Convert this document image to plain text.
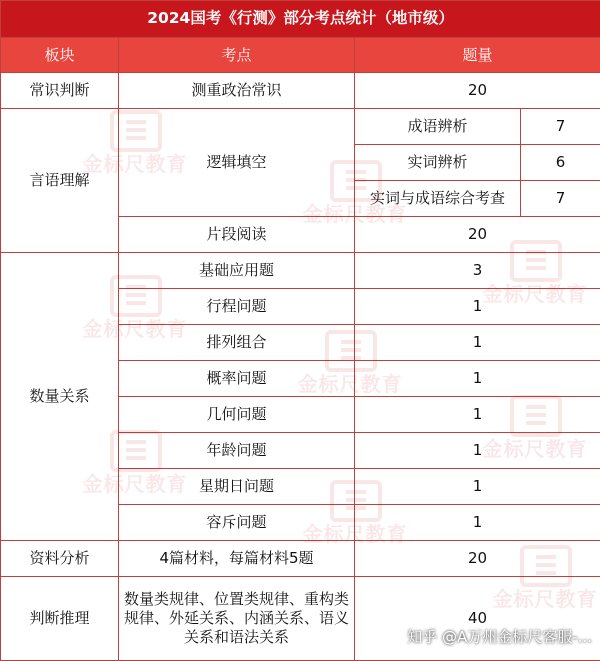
2024国考《行测》部分考点统计（地市级）			
板块	考点	题量	
常识判断	测重政治常识	20	
言语理解	逻辑填空	成语辨析	7
		实词辨析	6
		实词与成语综合考查	7
	片段阅读	20	
数量关系	基础应用题	3	
	行程问题	1	
	排列组合	1	
	概率问题	1	
	几何问题	1	
	年龄问题	1	
	星期日问题	1	
	容斥问题	1	
资料分析	4篇材料，每篇材料5题	20	
判断推理	数量类规律、位置类规律、重构类规律、外延关系、内涵关系、语义关系和语法关系	40	
金标尺教育
金标尺教育
金标尺教育
金标尺教育
金标尺教育
金标尺教育
金标尺教育
金标尺教育
金标尺教育
知乎 @A万州金标尺客服-...
